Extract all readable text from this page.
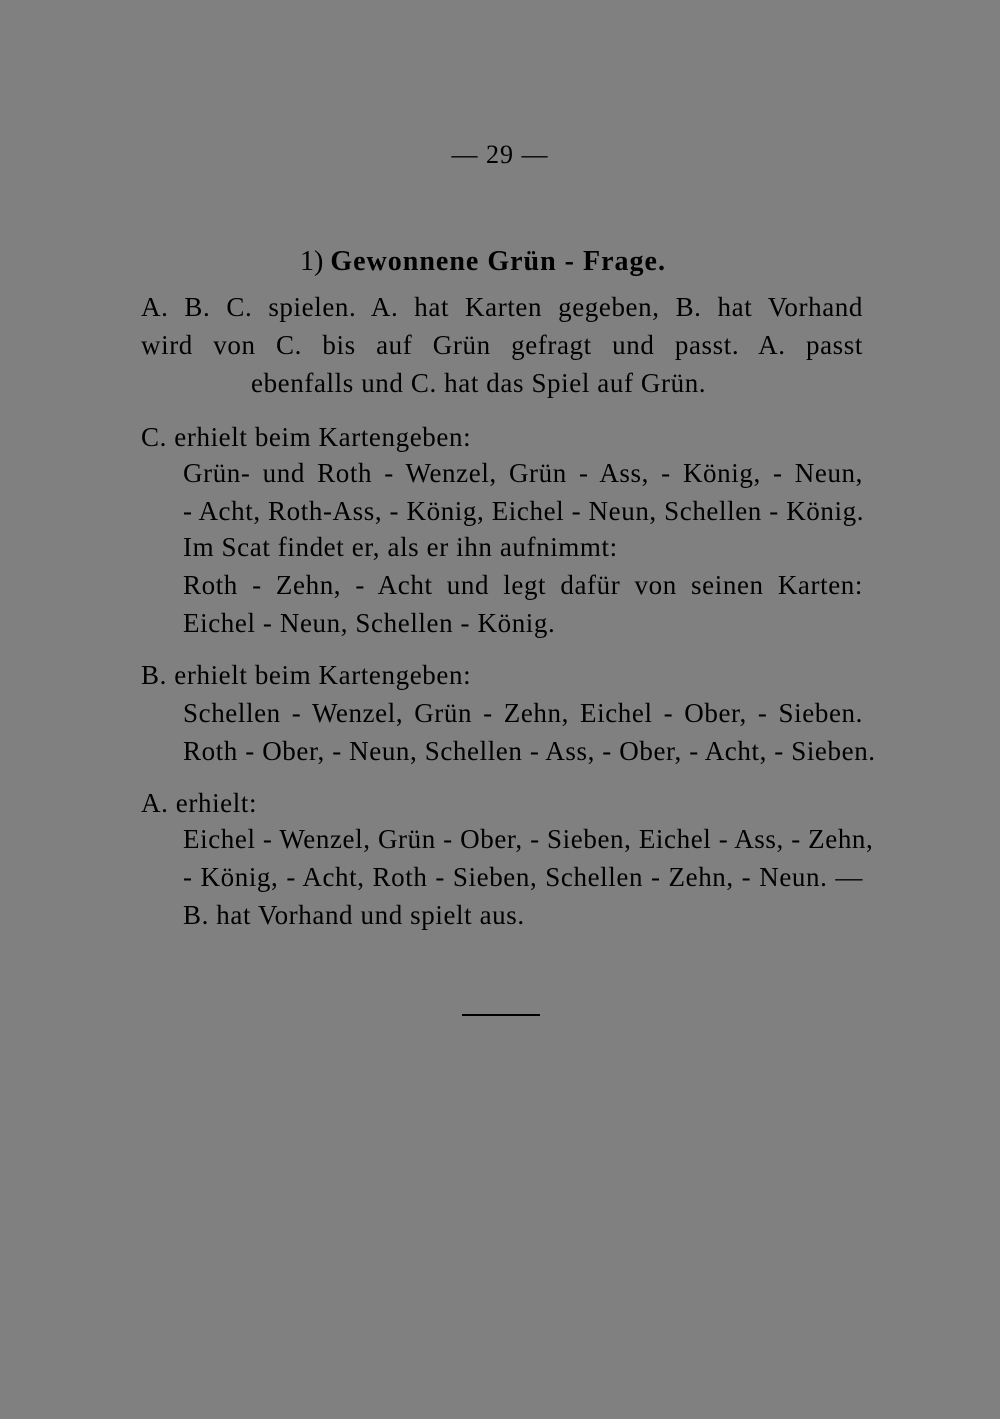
— 29 —
1) Gewonnene Grün - Frage.
A. B. C. spielen. A. hat Karten gegeben, B. hat Vorhand
wird von C. bis auf Grün gefragt und passt. A. passt
ebenfalls und C. hat das Spiel auf Grün.
C. erhielt beim Kartengeben:
Grün- und Roth - Wenzel, Grün - Ass, - König, - Neun,
- Acht, Roth-Ass, - König, Eichel - Neun, Schellen - König.
Im Scat findet er, als er ihn aufnimmt:
Roth - Zehn, - Acht und legt dafür von seinen Karten:
Eichel - Neun, Schellen - König.
B. erhielt beim Kartengeben:
Schellen - Wenzel, Grün - Zehn, Eichel - Ober, - Sieben.
Roth - Ober, - Neun, Schellen - Ass, - Ober, - Acht, - Sieben.
A. erhielt:
Eichel - Wenzel, Grün - Ober, - Sieben, Eichel - Ass, - Zehn,
- König, - Acht, Roth - Sieben, Schellen - Zehn, - Neun. —
B. hat Vorhand und spielt aus.
